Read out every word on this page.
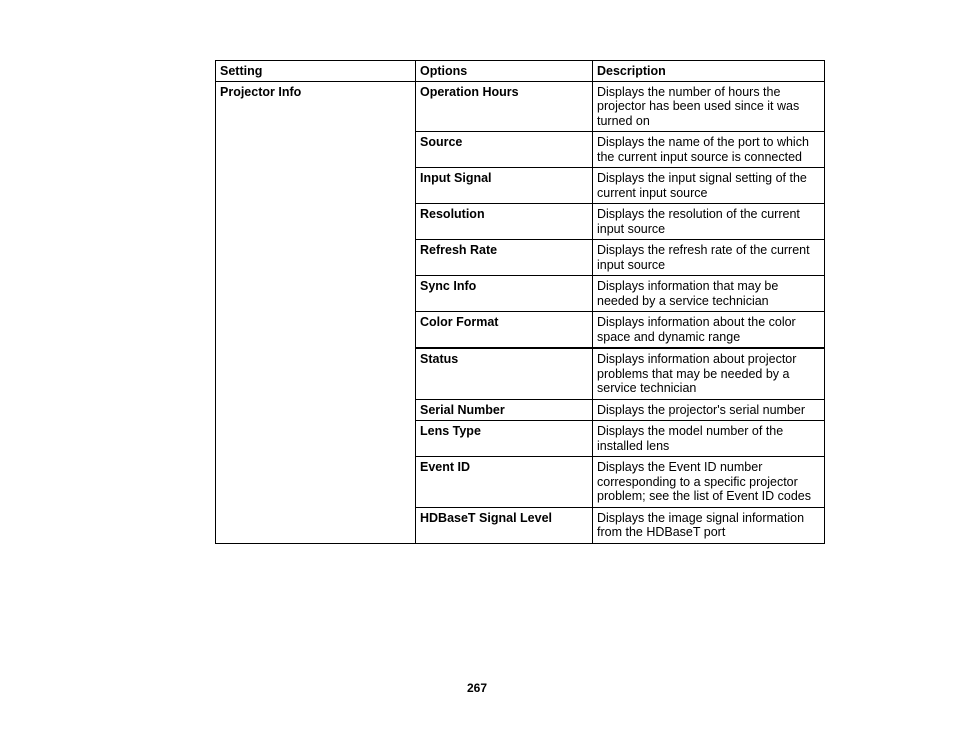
Setting	Options	Description
Projector Info	Operation Hours	Displays the number of hours the projector has been used since it was turned on
	Source	Displays the name of the port to which the current input source is connected
	Input Signal	Displays the input signal setting of the current input source
	Resolution	Displays the resolution of the current input source
	Refresh Rate	Displays the refresh rate of the current input source
	Sync Info	Displays information that may be needed by a service technician
	Color Format	Displays information about the color space and dynamic range
	Status	Displays information about projector problems that may be needed by a service technician
	Serial Number	Displays the projector's serial number
	Lens Type	Displays the model number of the installed lens
	Event ID	Displays the Event ID number corresponding to a specific projector problem; see the list of Event ID codes
	HDBaseT Signal Level	Displays the image signal information from the HDBaseT port
267
